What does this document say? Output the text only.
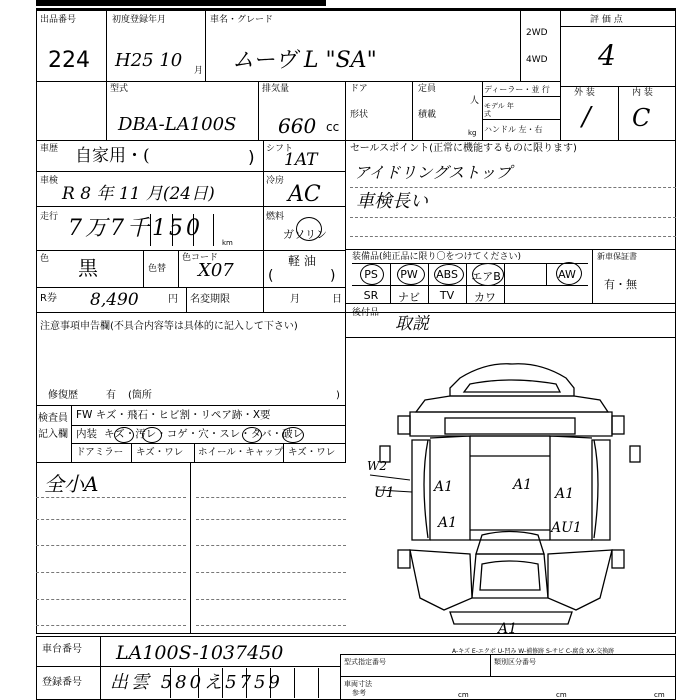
出品番号
224
初度登録年月
H25 10 月
車名・グレード
ムーヴ L "SA"
2WD
4WD
評 価 点
4
外 装	内 装
/ C
型式
DBA-LA100S
排気量
660 cc
ドア
形状
定員
人
積載
kg
ディーラー・並 行
モデル 年式
ハンドル 左・右
車歴 自家用・(	) シフト
1AT
車検
R 8 年 11 月(24日)
冷房
AC
走行 7万7千150
km
燃料
ガソリン
色 黒	色替
色コード
X07	軽 油
(	)
R券 8,490	円 名変期限	月	日
セールスポイント(正常に機能するものに限ります)
アイドリングストップ
車検長い
装備品(純正品に限り〇をつけてください)	新車保証書
有・無
PS	PW	ABS	エアB	AW
SR	ナビ	TV	カワ
後付品
取説
注意事項申告欄(不具合内容等は具体的に記入して下さい)
修復歴	有 (箇所	)
検査員
記入欄
FW キズ・飛石・ヒビ割・リペア跡・X要
内装 キズ・汚レ・コゲ・穴・スレ・タバ・破レ
ドアミラー キズ・ワレ ホイール・キャップ キズ・ワレ
全小A
W2
U1	A1	A1
A1
A1	AU1
A1
A-キズ E-エクボ U-凹み W-補修跡 S-サビ C-腐食 XX-交換跡
車台番号 LA100S-1037450
登録番号 出雲 580え5759
型式指定番号	類別区分番号
車両寸法
参考	cm	cm	cm
